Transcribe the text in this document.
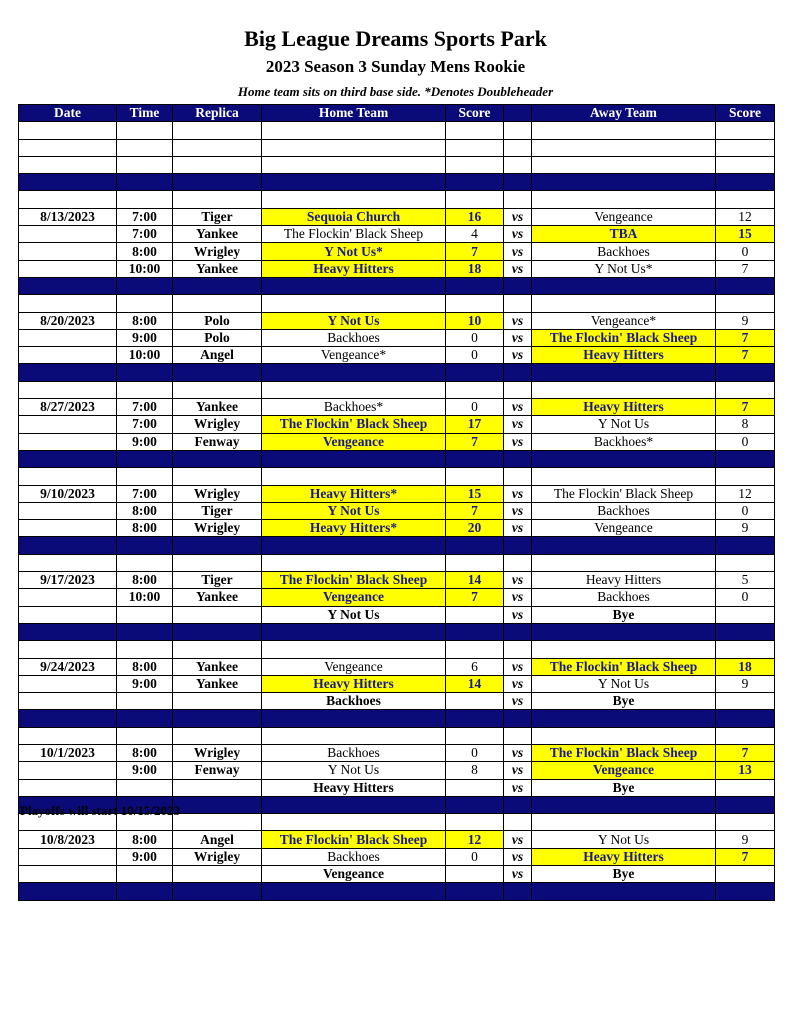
Big League Dreams Sports Park
2023 Season 3 Sunday Mens Rookie
Home team sits on third base side. *Denotes Doubleheader
Date	Time	Replica	Home Team	Score		Away Team	Score

8/13/2023	7:00	Tiger	Sequoia Church	16	vs	Vengeance	12
	7:00	Yankee	The Flockin' Black Sheep	4	vs	TBA	15
	8:00	Wrigley	Y Not Us*	7	vs	Backhoes	0
	10:00	Yankee	Heavy Hitters	18	vs	Y Not Us*	7

8/20/2023	8:00	Polo	Y Not Us	10	vs	Vengeance*	9
	9:00	Polo	Backhoes	0	vs	The Flockin' Black Sheep	7
	10:00	Angel	Vengeance*	0	vs	Heavy Hitters	7

8/27/2023	7:00	Yankee	Backhoes*	0	vs	Heavy Hitters	7
	7:00	Wrigley	The Flockin' Black Sheep	17	vs	Y Not Us	8
	9:00	Fenway	Vengeance	7	vs	Backhoes*	0

9/10/2023	7:00	Wrigley	Heavy Hitters*	15	vs	The Flockin' Black Sheep	12
	8:00	Tiger	Y Not Us	7	vs	Backhoes	0
	8:00	Wrigley	Heavy Hitters*	20	vs	Vengeance	9

9/17/2023	8:00	Tiger	The Flockin' Black Sheep	14	vs	Heavy Hitters	5
	10:00	Yankee	Vengeance	7	vs	Backhoes	0
			Y Not Us		vs	Bye	

9/24/2023	8:00	Yankee	Vengeance	6	vs	The Flockin' Black Sheep	18
	9:00	Yankee	Heavy Hitters	14	vs	Y Not Us	9
			Backhoes		vs	Bye	

10/1/2023	8:00	Wrigley	Backhoes	0	vs	The Flockin' Black Sheep	7
	9:00	Fenway	Y Not Us	8	vs	Vengeance	13
			Heavy Hitters		vs	Bye	

10/8/2023	8:00	Angel	The Flockin' Black Sheep	12	vs	Y Not Us	9
	9:00	Wrigley	Backhoes	0	vs	Heavy Hitters	7
			Vengeance		vs	Bye	

Playoffs will start 10/15/2023
